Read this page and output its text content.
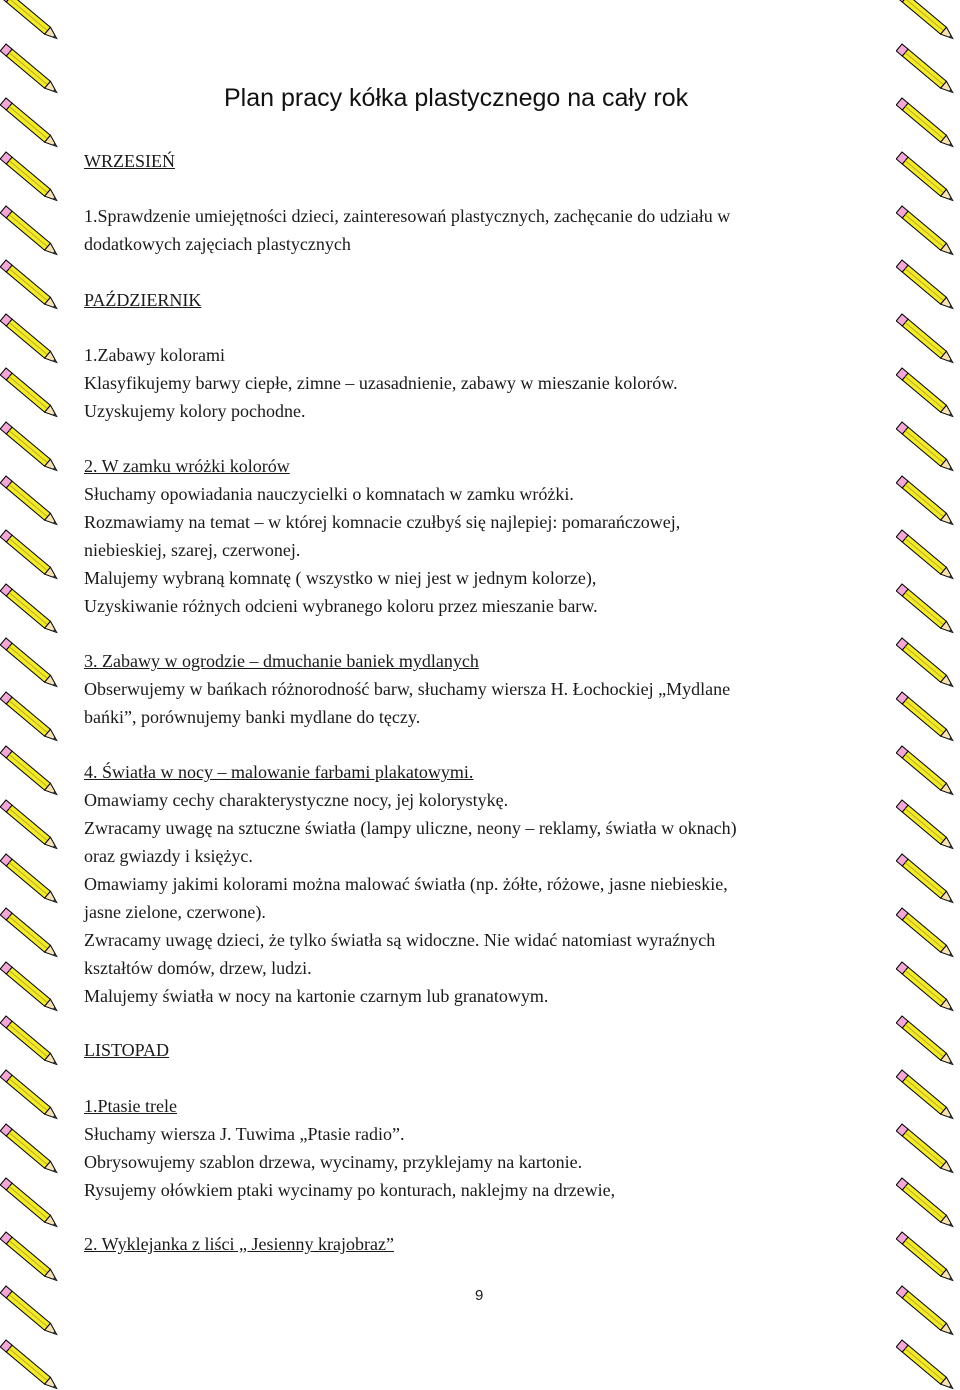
Plan pracy kółka plastycznego na cały rok
WRZESIEŃ
1.Sprawdzenie umiejętności dzieci, zainteresowań plastycznych, zachęcanie do udziału w
dodatkowych zajęciach plastycznych
PAŹDZIERNIK
1.Zabawy kolorami
Klasyfikujemy barwy ciepłe, zimne – uzasadnienie, zabawy w mieszanie kolorów.
Uzyskujemy kolory pochodne.
2. W zamku wróżki kolorów
Słuchamy opowiadania nauczycielki o komnatach w zamku wróżki.
Rozmawiamy na temat – w której komnacie czułbyś się najlepiej: pomarańczowej,
niebieskiej, szarej, czerwonej.
Malujemy wybraną komnatę ( wszystko w niej jest w jednym kolorze),
Uzyskiwanie różnych odcieni wybranego koloru przez mieszanie barw.
3. Zabawy w ogrodzie – dmuchanie baniek mydlanych
Obserwujemy w bańkach różnorodność barw, słuchamy wiersza H. Łochockiej „Mydlane
bańki”, porównujemy banki mydlane do tęczy.
4. Światła w nocy – malowanie farbami plakatowymi.
Omawiamy cechy charakterystyczne nocy, jej kolorystykę.
Zwracamy uwagę na sztuczne światła (lampy uliczne, neony – reklamy, światła w oknach)
oraz gwiazdy i księżyc.
Omawiamy jakimi kolorami można malować światła (np. żółte, różowe, jasne niebieskie,
jasne zielone, czerwone).
Zwracamy uwagę dzieci, że tylko światła są widoczne. Nie widać natomiast wyraźnych
kształtów domów, drzew, ludzi.
Malujemy światła w nocy na kartonie czarnym lub granatowym.
LISTOPAD
1.Ptasie trele
Słuchamy wiersza J. Tuwima „Ptasie radio”.
Obrysowujemy szablon drzewa, wycinamy, przyklejamy na kartonie.
Rysujemy ołówkiem ptaki wycinamy po konturach, naklejmy na drzewie,
2. Wyklejanka z liści „ Jesienny krajobraz”
9
